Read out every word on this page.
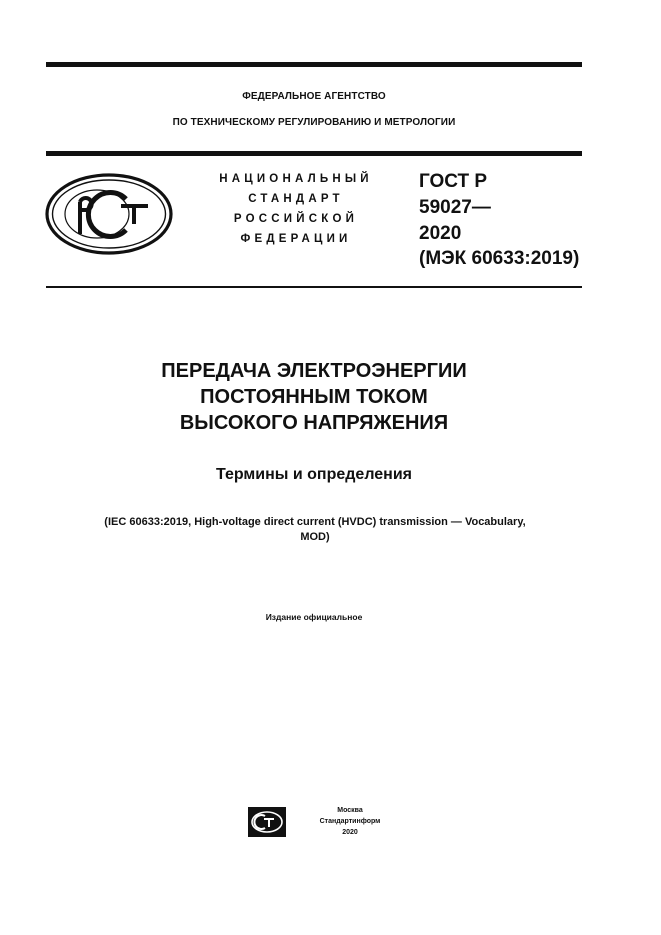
ФЕДЕРАЛЬНОЕ АГЕНТСТВО
ПО ТЕХНИЧЕСКОМУ РЕГУЛИРОВАНИЮ И МЕТРОЛОГИИ
НАЦИОНАЛЬНЫЙ
СТАНДАРТ
РОССИЙСКОЙ
ФЕДЕРАЦИИ
ГОСТ Р
59027—
2020
(МЭК 60633:2019)
ПЕРЕДАЧА ЭЛЕКТРОЭНЕРГИИ
ПОСТОЯННЫМ ТОКОМ
ВЫСОКОГО НАПРЯЖЕНИЯ
Термины и определения
(IEC 60633:2019, High-voltage direct current (HVDC) transmission — Vocabulary,
MOD)
Издание официальное
Москва
Стандартинформ
2020
